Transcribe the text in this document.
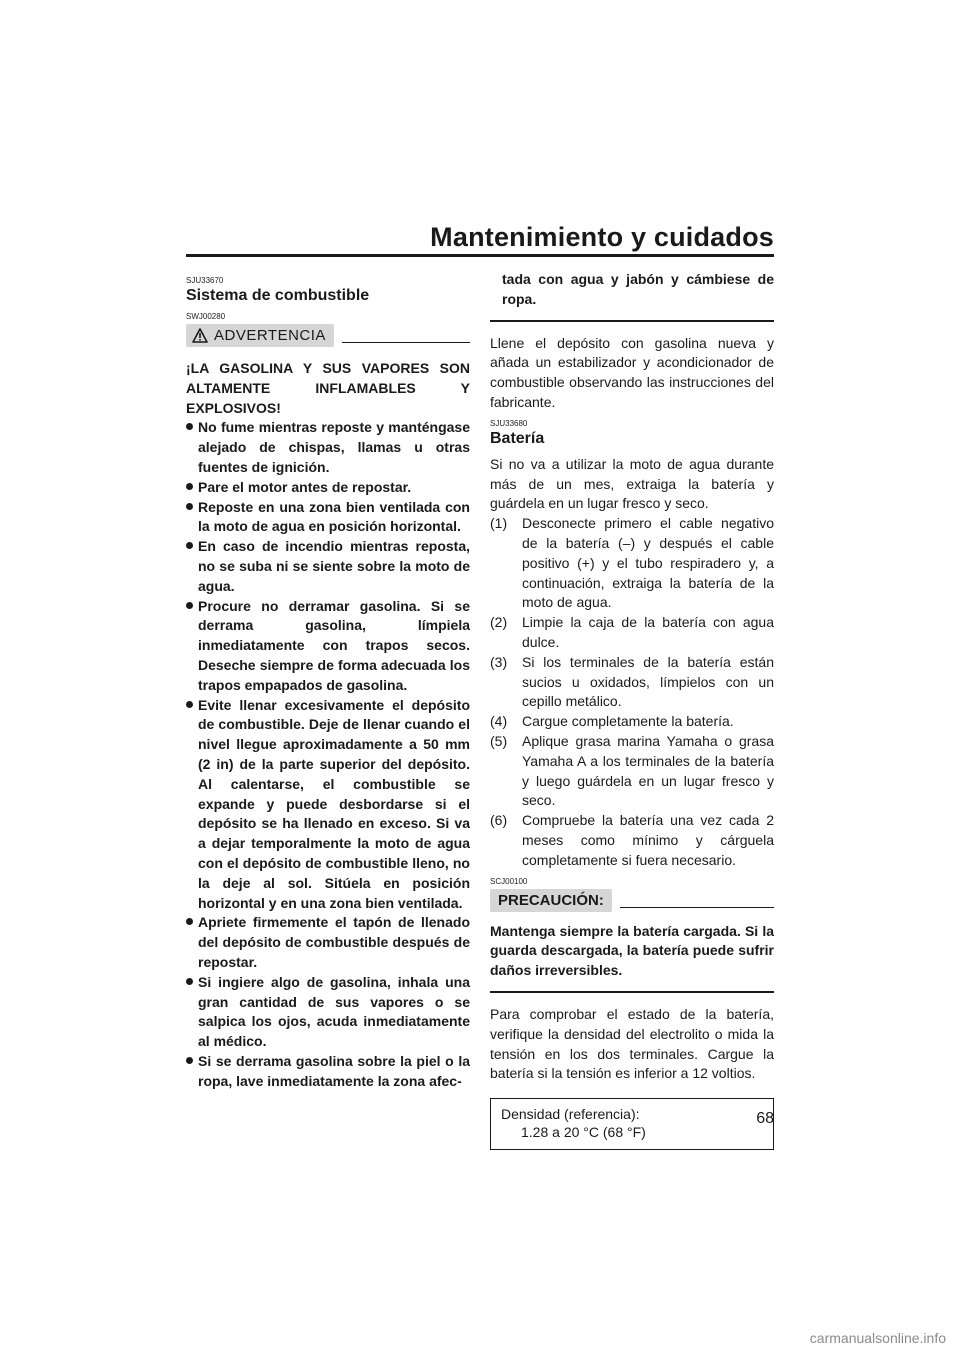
Mantenimiento y cuidados
SJU33670
Sistema de combustible
SWJ00280
ADVERTENCIA

¡LA GASOLINA Y SUS VAPORES SON ALTAMENTE INFLAMABLES Y EXPLOSIVOS!

No fume mientras reposte y manténgase alejado de chispas, llamas u otras fuentes de ignición.
Pare el motor antes de repostar.
Reposte en una zona bien ventilada con la moto de agua en posición horizontal.
En caso de incendio mientras reposta, no se suba ni se siente sobre la moto de agua.
Procure no derramar gasolina. Si se derrama gasolina, límpiela inmediatamente con trapos secos. Deseche siempre de forma adecuada los trapos empapados de gasolina.
Evite llenar excesivamente el depósito de combustible. Deje de llenar cuando el nivel llegue aproximadamente a 50 mm (2 in) de la parte superior del depósito. Al calentarse, el combustible se expande y puede desbordarse si el depósito se ha llenado en exceso. Si va a dejar temporalmente la moto de agua con el depósito de combustible lleno, no la deje al sol. Sitúela en posición horizontal y en una zona bien ventilada.
Apriete firmemente el tapón de llenado del depósito de combustible después de repostar.
Si ingiere algo de gasolina, inhala una gran cantidad de sus vapores o se salpica los ojos, acuda inmediatamente al médico.
Si se derrama gasolina sobre la piel o la ropa, lave inmediatamente la zona afec-

tada con agua y jabón y cámbiese de ropa.

Llene el depósito con gasolina nueva y añada un estabilizador y acondicionador de combustible observando las instrucciones del fabricante.

SJU33680
Batería

Si no va a utilizar la moto de agua durante más de un mes, extraiga la batería y guárdela en un lugar fresco y seco.

(1) Desconecte primero el cable negativo de la batería (–) y después el cable positivo (+) y el tubo respiradero y, a continuación, extraiga la batería de la moto de agua.
(2) Limpie la caja de la batería con agua dulce.
(3) Si los terminales de la batería están sucios u oxidados, límpielos con un cepillo metálico.
(4) Cargue completamente la batería.
(5) Aplique grasa marina Yamaha o grasa Yamaha A a los terminales de la batería y luego guárdela en un lugar fresco y seco.
(6) Compruebe la batería una vez cada 2 meses como mínimo y cárguela completamente si fuera necesario.
SCJ00100
PRECAUCIÓN:

Mantenga siempre la batería cargada. Si la guarda descargada, la batería puede sufrir daños irreversibles.

Para comprobar el estado de la batería, verifique la densidad del electrolito o mida la tensión en los dos terminales. Cargue la batería si la tensión es inferior a 12 voltios.

Densidad (referencia):
1.28 a 20 °C (68 °F)
68
carmanualsonline.info
